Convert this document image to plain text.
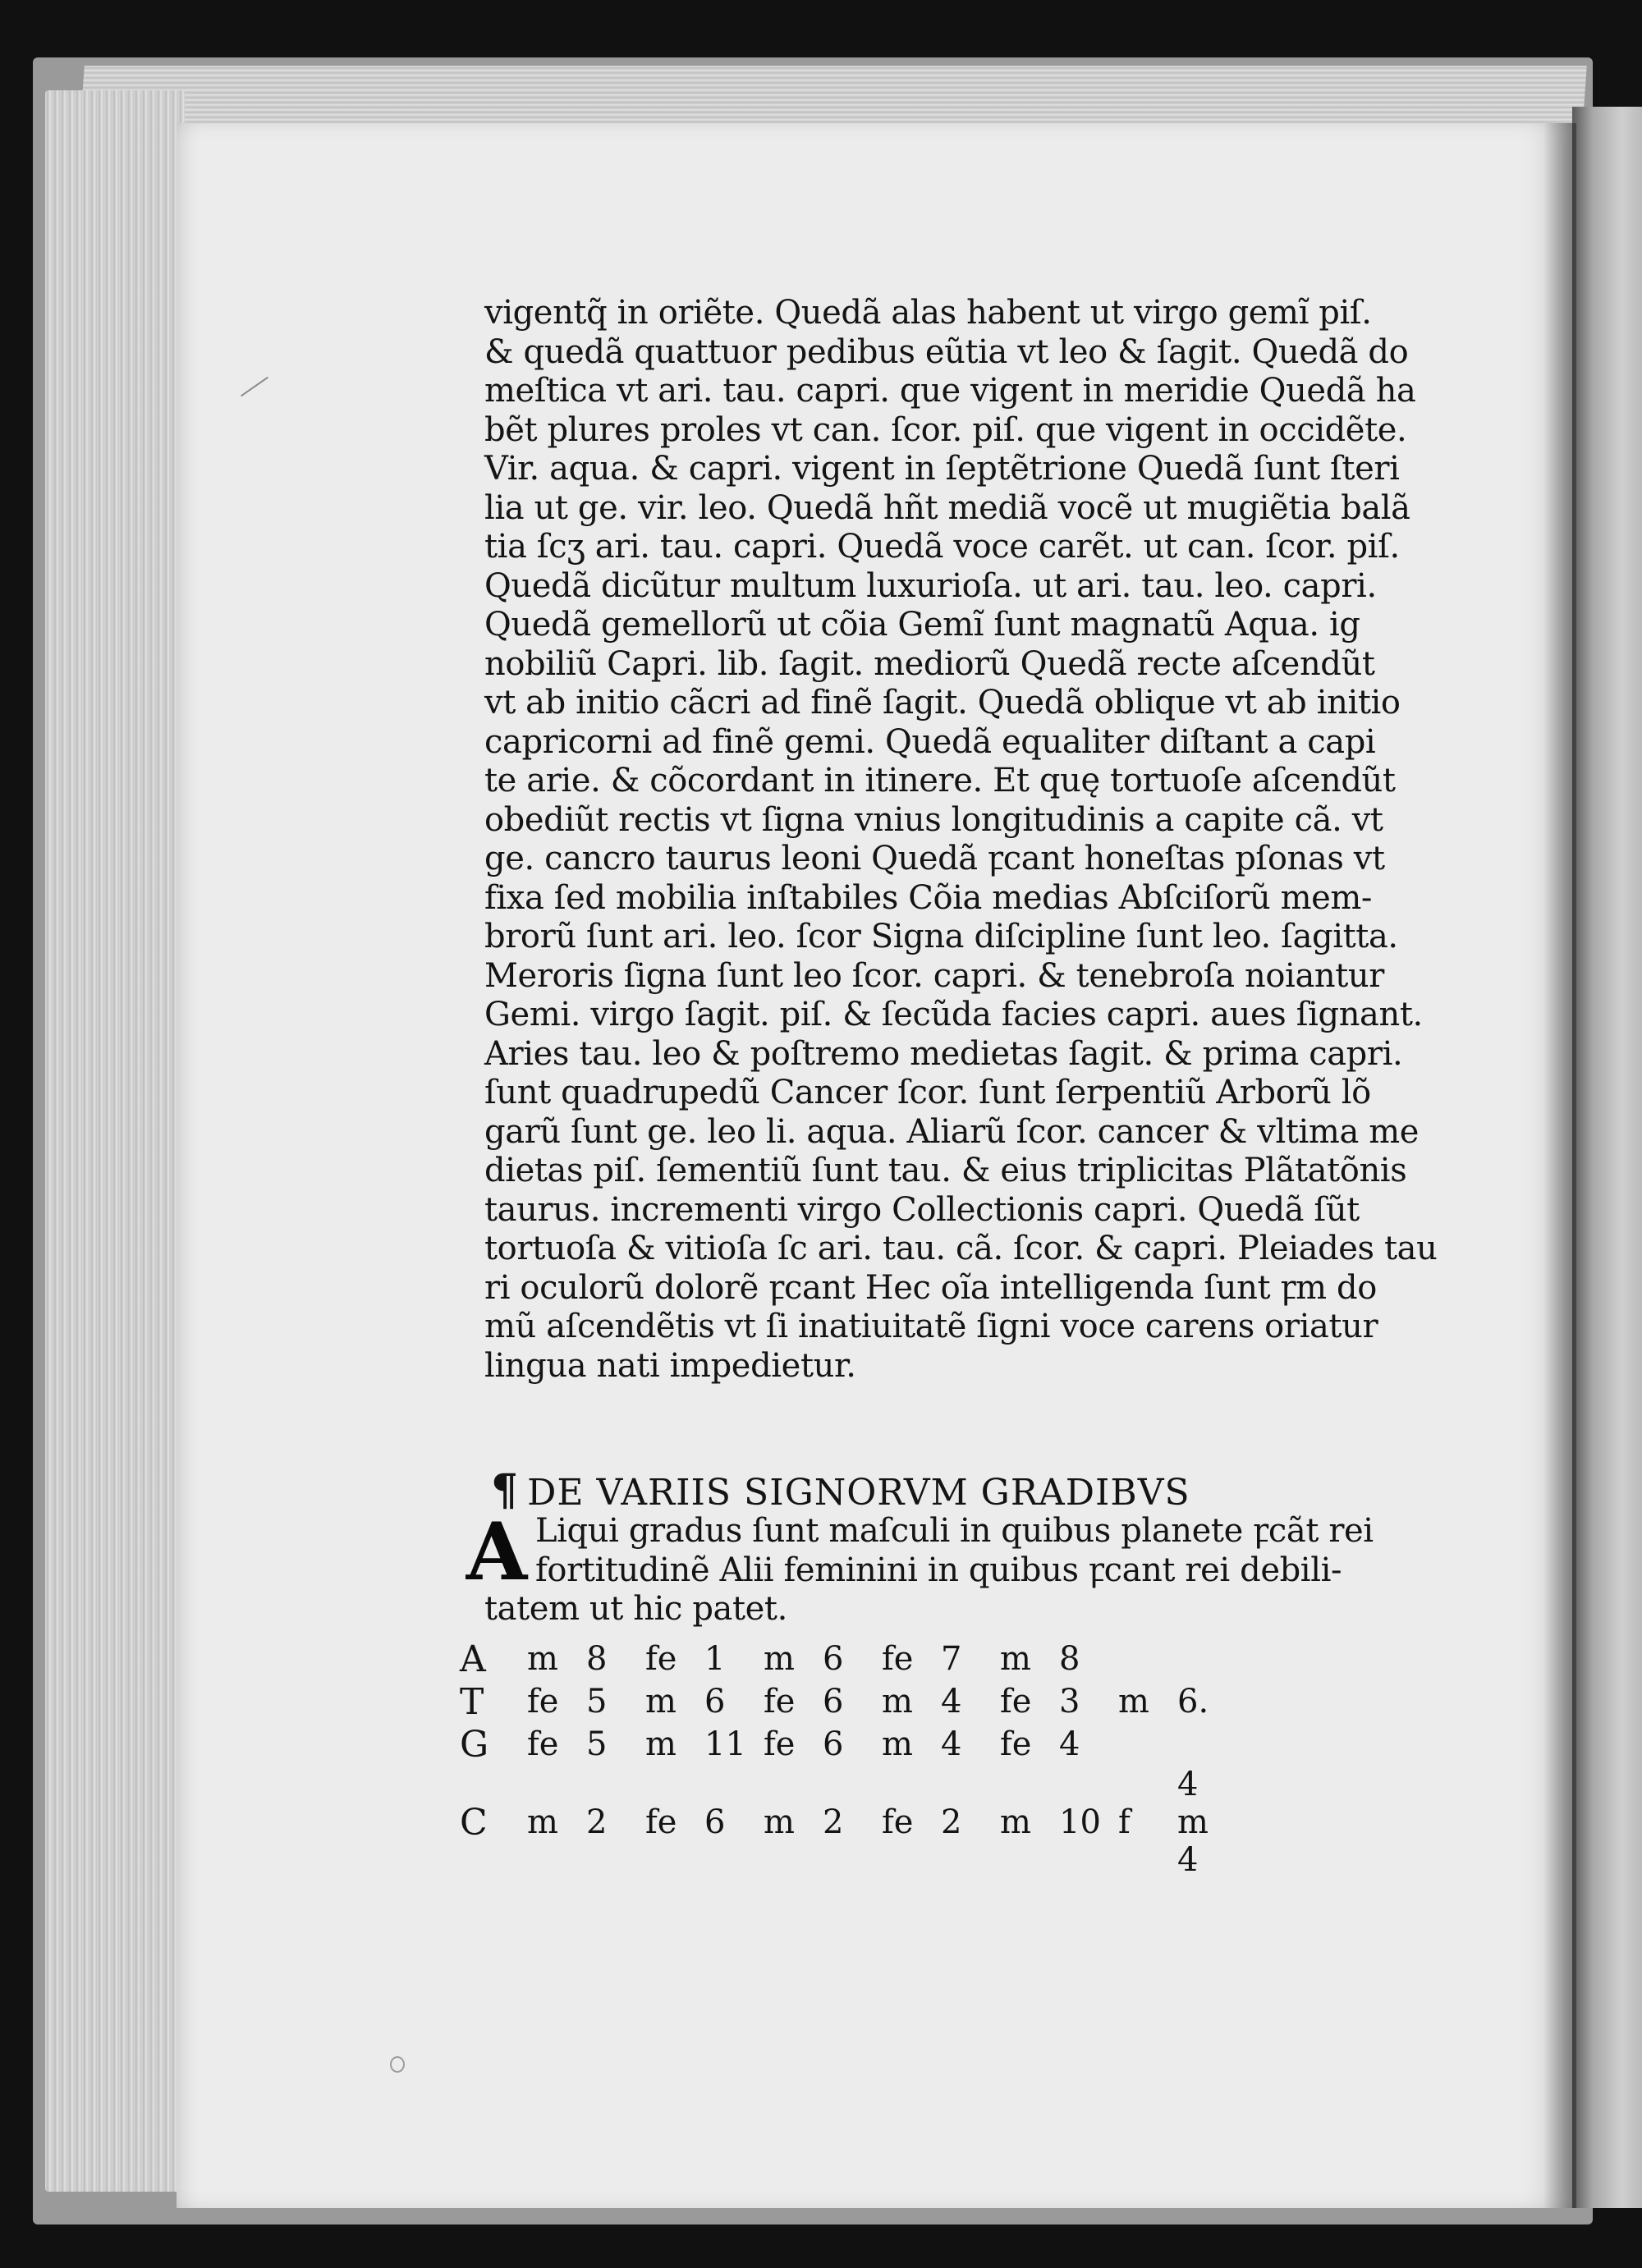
vigentq̃ in oriẽte. Quedã alas habent ut virgo gemĩ piſ.
& quedã quattuor pedibus eũtia vt leo & ſagit. Quedã do
meſtica vt ari. tau. capri. que vigent in meridie Quedã ha
bẽt plures proles vt can. ſcor. piſ. que vigent in occidẽte.
Vir. aqua. & capri. vigent in ſeptẽtrione Quedã ſunt ſteri
lia ut ge. vir. leo. Quedã hñt mediã vocẽ ut mugiẽtia balã
tia ſcʒ ari. tau. capri. Quedã voce carẽt. ut can. ſcor. piſ.
Quedã dicũtur multum luxurioſa. ut ari. tau. leo. capri.
Quedã gemellorũ ut cõia Gemĩ ſunt magnatũ Aqua. ig
nobiliũ Capri. lib. ſagit. mediorũ Quedã recte aſcendũt
vt ab initio cãcri ad finẽ ſagit. Quedã oblique vt ab initio
capricorni ad finẽ gemi. Quedã equaliter diſtant a capi
te arie. & cõcordant in itinere. Et quę tortuoſe aſcendũt
obediũt rectis vt ſigna vnius longitudinis a capite cã. vt
ge. cancro taurus leoni Quedã ꝼcant honeſtas pſonas vt
fixa ſed mobilia inſtabiles Cõia medias Abſciſorũ mem-
brorũ ſunt ari. leo. ſcor Signa diſcipline ſunt leo. ſagitta.
Merorіs ſigna ſunt leo ſcor. capri. & tenebroſa noiantur
Gemi. virgo ſagit. piſ. & ſecũda facies capri. aues ſignant.
Aries tau. leo & poſtremo medietas ſagit. & prima capri.
ſunt quadrupedũ Cancer ſcor. ſunt ſerpentiũ Arborũ lõ
garũ ſunt ge. leo li. aqua. Aliarũ ſcor. cancer & vltima me
dietas piſ. ſementiũ ſunt tau. & eius triplicitas Plãtatõnis
taurus. incrementi virgo Collectionis capri. Quedã ſũt
tortuoſa & vitioſa ſc ari. tau. cã. ſcor. & capri. Pleiades tau
ri oculorũ dolorẽ ꝼcant Hec oĩa intelligenda ſunt ꝼm do
mũ aſcendẽtis vt ſi inatiuitatẽ ſigni voce carens oriatur
lingua nati impedietur.
¶ DE VARIIS SIGNORVM GRADIBVS
A Liqui gradus ſunt maſculi in quibus planete ꝼcãt rei
fortitudinẽ Alii feminini in quibus ꝼcant rei debili-
tatem ut hic patet.
A	m	8	fe	1	m	6	fe	7	m	8		
T	fe	5	m	6	fe	6	m	4	fe	3	m	6.
G	fe	5	m	11	fe	6	m	4	fe	4		
C	m	2	fe	6	m	2	fe	2	m	10	f	4 m 4
